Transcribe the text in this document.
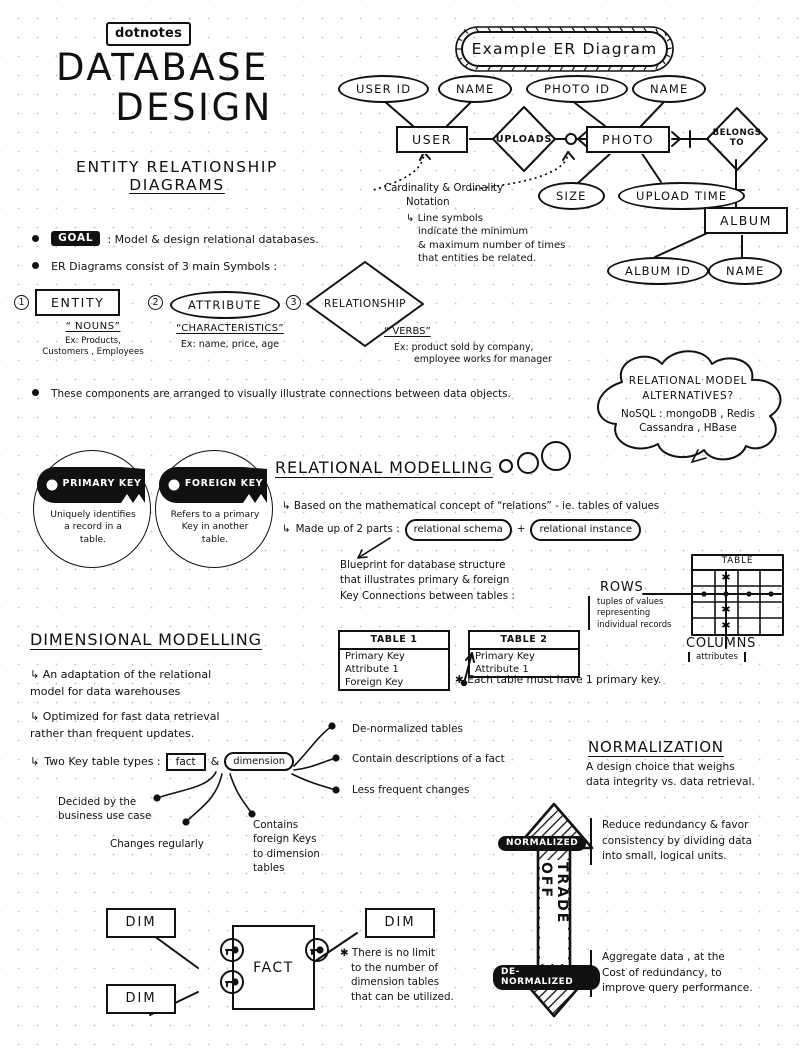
dotnotes
DATABASE
DESIGN
ENTITY RELATIONSHIP
DIAGRAMS
Example ER Diagram
USER ID	NAME	PHOTO ID	NAME
SIZE	UPLOAD TIME
ALBUM ID	NAME
USER	PHOTO
ALBUM
UPLOADS
BELONGS
TO
Cardinality & Ordinality
Notation
↳ Line symbols
indicate the minimum
& maximum number of times
that entities be related.
GOAL : Model & design relational databases.
ER Diagrams consist of 3 main Symbols :
1	ENTITY
“ NOUNS”
Ex: Products,
Customers , Employees
2	ATTRIBUTE
“CHARACTERISTICS”
Ex: name, price, age
3	RELATIONSHIP
“ VERBS”
Ex: product sold by company,
employee works for manager
These components are arranged to visually illustrate connections between data objects.
RELATIONAL MODEL
ALTERNATIVES?
NoSQL : mongoDB , Redis
Cassandra , HBase
PRIMARY KEY
Uniquely identifies
a record in a
table.
FOREIGN KEY
Refers to a primary
Key in another
table.
RELATIONAL MODELLING
↳ Based on the mathematical concept of “relations” - ie. tables of values
↳ Made up of 2 parts :	relational schema	+	relational instance
Blueprint for database structure
that illustrates primary & foreign
Key Connections between tables :
TABLE 1
Primary Key
Attribute 1
Foreign Key
TABLE 2
Primary Key
Attribute 1
✱ Each table must have 1 primary key.
✱
✱
✱
TABLE
ROWS
tuples of values
representing
individual records
COLUMNS
attributes
DIMENSIONAL MODELLING
↳ An adaptation of the relational
model for data warehouses
↳ Optimized for fast data retrieval
rather than frequent updates.
↳ Two Key table types :	fact	&	dimension
Decided by the
business use case
Changes regularly
Contains
foreign Keys
to dimension
tables
De-normalized tables
Contain descriptions of a fact
Less frequent changes
DIM
DIM
DIM
FACT
✱ There is no limit
to the number of
dimension tables
that can be utilized.
NORMALIZATION
A design choice that weighs
data integrity vs. data retrieval.
TRADE OFF
NORMALIZED
DE-NORMALIZED
Reduce redundancy & favor
consistency by dividing data
into small, logical units.
Aggregate data , at the
Cost of redundancy, to
improve query performance.
